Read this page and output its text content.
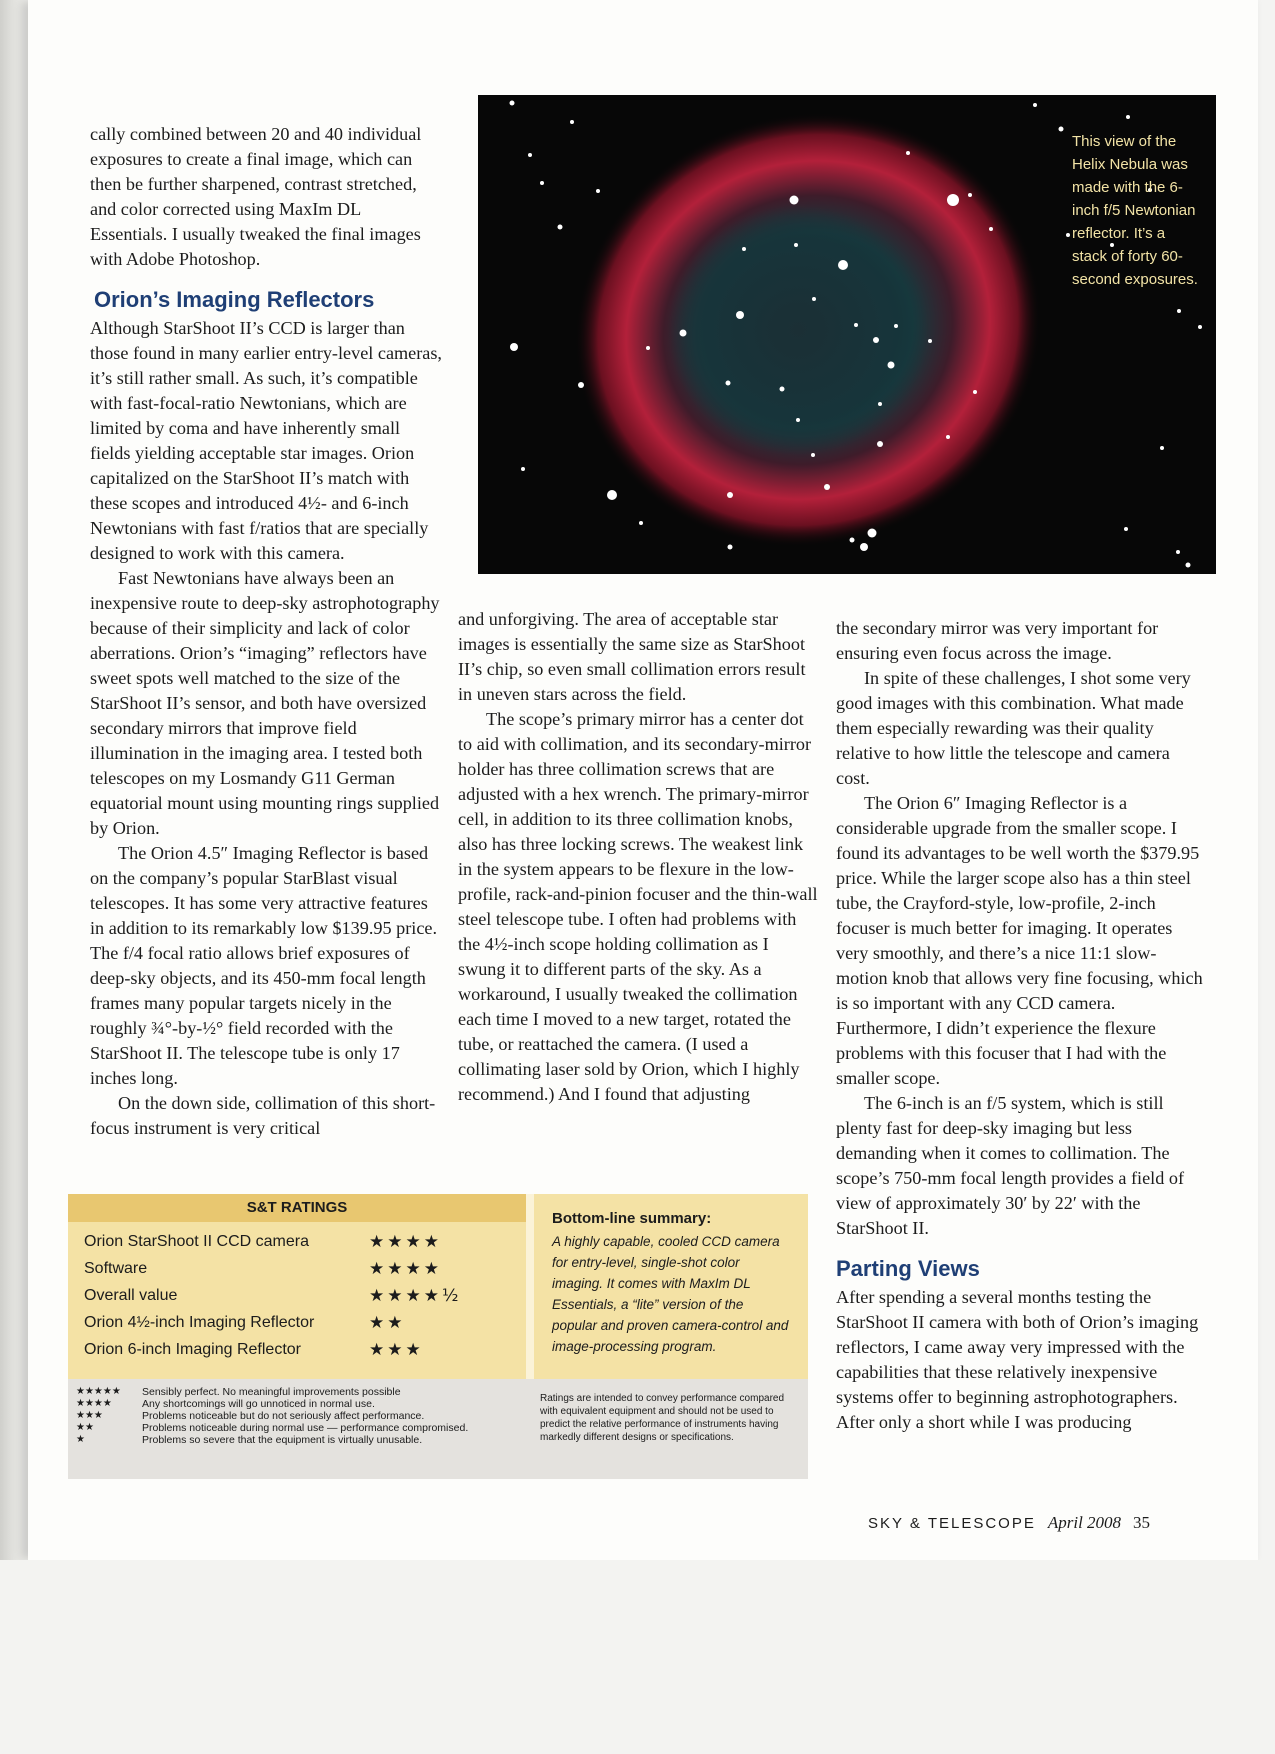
cally combined between 20 and 40 individual exposures to create a final image, which can then be further sharpened, contrast stretched, and color corrected using MaxIm DL Essentials. I usually tweaked the final images with Adobe Photoshop.

Orion’s Imaging Reflectors

Although StarShoot II’s CCD is larger than those found in many earlier entry-level cameras, it’s still rather small. As such, it’s compatible with fast-focal-ratio Newtonians, which are limited by coma and have inherently small fields yielding acceptable star images. Orion capitalized on the StarShoot II’s match with these scopes and introduced 4½- and 6-inch Newtonians with fast f/ratios that are specially designed to work with this camera.

Fast Newtonians have always been an inexpensive route to deep-sky astrophotography because of their simplicity and lack of color aberrations. Orion’s “imaging” reflectors have sweet spots well matched to the size of the StarShoot II’s sensor, and both have oversized secondary mirrors that improve field illumination in the imaging area. I tested both telescopes on my Losmandy G11 German equatorial mount using mounting rings supplied by Orion.

The Orion 4.5″ Imaging Reflector is based on the company’s popular StarBlast visual telescopes. It has some very attractive features in addition to its remarkably low $139.95 price. The f/4 focal ratio allows brief exposures of deep-sky objects, and its 450-mm focal length frames many popular targets nicely in the roughly ¾°-by-½° field recorded with the StarShoot II. The telescope tube is only 17 inches long.

On the down side, collimation of this short-focus instrument is very critical

This view of the Helix Nebula was made with the 6-inch f/5 Newtonian reflector. It’s a stack of forty 60-second exposures.

and unforgiving. The area of acceptable star images is essentially the same size as StarShoot II’s chip, so even small collimation errors result in uneven stars across the field.

The scope’s primary mirror has a center dot to aid with collimation, and its secondary-mirror holder has three collimation screws that are adjusted with a hex wrench. The primary-mirror cell, in addition to its three collimation knobs, also has three locking screws. The weakest link in the system appears to be flexure in the low-profile, rack-and-pinion focuser and the thin-wall steel telescope tube. I often had problems with the 4½-inch scope holding collimation as I swung it to different parts of the sky. As a workaround, I usually tweaked the collimation each time I moved to a new target, rotated the tube, or reattached the camera. (I used a collimating laser sold by Orion, which I highly recommend.) And I found that adjusting

the secondary mirror was very important for ensuring even focus across the image.

In spite of these challenges, I shot some very good images with this combination. What made them especially rewarding was their quality relative to how little the telescope and camera cost.

The Orion 6″ Imaging Reflector is a considerable upgrade from the smaller scope. I found its advantages to be well worth the $379.95 price. While the larger scope also has a thin steel tube, the Crayford-style, low-profile, 2-inch focuser is much better for imaging. It operates very smoothly, and there’s a nice 11:1 slow-motion knob that allows very fine focusing, which is so important with any CCD camera. Furthermore, I didn’t experience the flexure problems with this focuser that I had with the smaller scope.

The 6-inch is an f/5 system, which is still plenty fast for deep-sky imaging but less demanding when it comes to collimation. The scope’s 750-mm focal length provides a field of view of approximately 30′ by 22′ with the StarShoot II.

Parting Views

After spending a several months testing the StarShoot II camera with both of Orion’s imaging reflectors, I came away very impressed with the capabilities that these relatively inexpensive systems offer to beginning astrophotographers. After only a short while I was producing

S&T RATINGS
Orion StarShoot II CCD camera	★★★★
Software	★★★★
Overall value	★★★★½
Orion 4½-inch Imaging Reflector	★★
Orion 6-inch Imaging Reflector	★★★
Bottom-line summary:
A highly capable, cooled CCD camera for entry-level, single-shot color imaging. It comes with MaxIm DL Essentials, a “lite” version of the popular and proven camera-control and image-processing program.
★★★★★	Sensibly perfect. No meaningful improvements possible
★★★★	Any shortcomings will go unnoticed in normal use.
★★★	Problems noticeable but do not seriously affect performance.
★★	Problems noticeable during normal use — performance compromised.
★	Problems so severe that the equipment is virtually unusable.
Ratings are intended to convey performance compared with equivalent equipment and should not be used to predict the relative performance of instruments having markedly different designs or specifications.
SKY & TELESCOPE April 2008 35
